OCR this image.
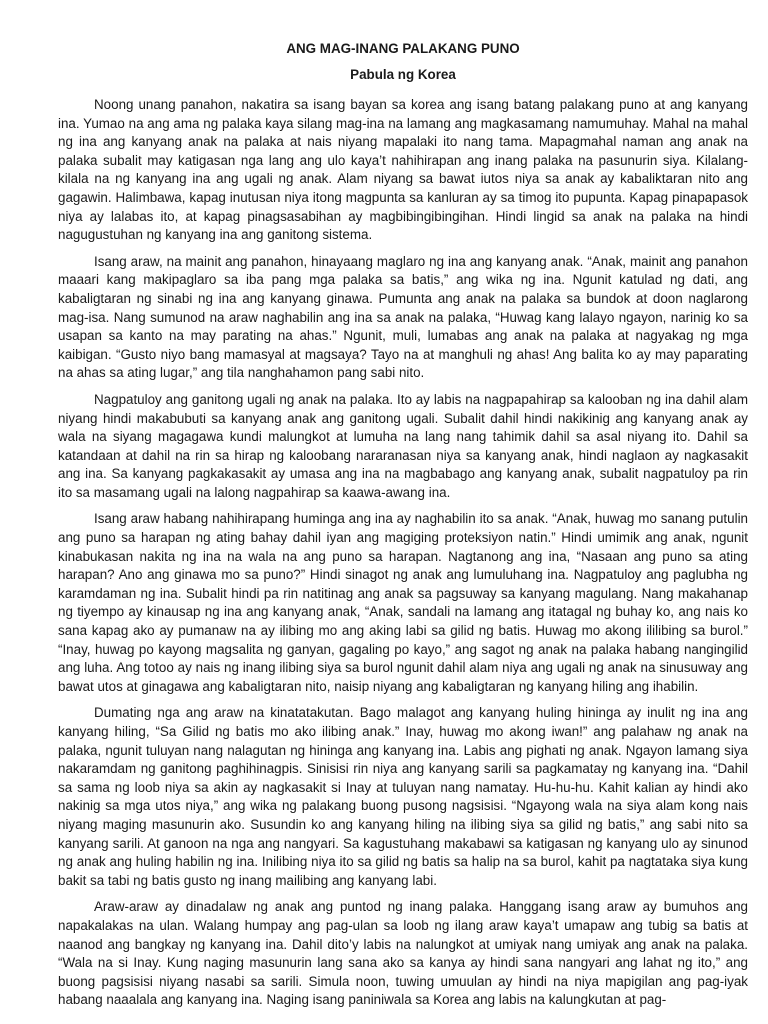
ANG MAG-INANG PALAKANG PUNO
Pabula ng Korea

Noong unang panahon, nakatira sa isang bayan sa korea ang isang batang palakang puno at ang kanyang ina. Yumao na ang ama ng palaka kaya silang mag-ina na lamang ang magkasamang namumuhay. Mahal na mahal ng ina ang kanyang anak na palaka at nais niyang mapalaki ito nang tama. Mapagmahal naman ang anak na palaka subalit may katigasan nga lang ang ulo kaya’t nahihirapan ang inang palaka na pasunurin siya. Kilalang-kilala na ng kanyang ina ang ugali ng anak. Alam niyang sa bawat iutos niya sa anak ay kabaliktaran nito ang gagawin. Halimbawa, kapag inutusan niya itong magpunta sa kanluran ay sa timog ito pupunta. Kapag pinapapasok niya ay lalabas ito, at kapag pinagsasabihan ay magbibingibingihan. Hindi lingid sa anak na palaka na hindi nagugustuhan ng kanyang ina ang ganitong sistema.

Isang araw, na mainit ang panahon, hinayaang maglaro ng ina ang kanyang anak. “Anak, mainit ang panahon maaari kang makipaglaro sa iba pang mga palaka sa batis,” ang wika ng ina. Ngunit katulad ng dati, ang kabaligtaran ng sinabi ng ina ang kanyang ginawa. Pumunta ang anak na palaka sa bundok at doon naglarong mag-isa. Nang sumunod na araw naghabilin ang ina sa anak na palaka, “Huwag kang lalayo ngayon, narinig ko sa usapan sa kanto na may parating na ahas.” Ngunit, muli, lumabas ang anak na palaka at nagyakag ng mga kaibigan. “Gusto niyo bang mamasyal at magsaya? Tayo na at manghuli ng ahas! Ang balita ko ay may paparating na ahas sa ating lugar,” ang tila nanghahamon pang sabi nito.

Nagpatuloy ang ganitong ugali ng anak na palaka. Ito ay labis na nagpapahirap sa kalooban ng ina dahil alam niyang hindi makabubuti sa kanyang anak ang ganitong ugali. Subalit dahil hindi nakikinig ang kanyang anak ay wala na siyang magagawa kundi malungkot at lumuha na lang nang tahimik dahil sa asal niyang ito. Dahil sa katandaan at dahil na rin sa hirap ng kaloobang nararanasan niya sa kanyang anak, hindi naglaon ay nagkasakit ang ina. Sa kanyang pagkakasakit ay umasa ang ina na magbabago ang kanyang anak, subalit nagpatuloy pa rin ito sa masamang ugali na lalong nagpahirap sa kaawa-awang ina.

Isang araw habang nahihirapang huminga ang ina ay naghabilin ito sa anak. “Anak, huwag mo sanang putulin ang puno sa harapan ng ating bahay dahil iyan ang magiging proteksiyon natin.” Hindi umimik ang anak, ngunit kinabukasan nakita ng ina na wala na ang puno sa harapan. Nagtanong ang ina, “Nasaan ang puno sa ating harapan? Ano ang ginawa mo sa puno?” Hindi sinagot ng anak ang lumuluhang ina. Nagpatuloy ang paglubha ng karamdaman ng ina. Subalit hindi pa rin natitinag ang anak sa pagsuway sa kanyang magulang. Nang makahanap ng tiyempo ay kinausap ng ina ang kanyang anak, “Anak, sandali na lamang ang itatagal ng buhay ko, ang nais ko sana kapag ako ay pumanaw na ay ilibing mo ang aking labi sa gilid ng batis. Huwag mo akong ililibing sa burol.” “Inay, huwag po kayong magsalita ng ganyan, gagaling po kayo,” ang sagot ng anak na palaka habang nangingilid ang luha. Ang totoo ay nais ng inang ilibing siya sa burol ngunit dahil alam niya ang ugali ng anak na sinusuway ang bawat utos at ginagawa ang kabaligtaran nito, naisip niyang ang kabaligtaran ng kanyang hiling ang ihabilin.

Dumating nga ang araw na kinatatakutan. Bago malagot ang kanyang huling hininga ay inulit ng ina ang kanyang hiling, “Sa Gilid ng batis mo ako ilibing anak.” Inay, huwag mo akong iwan!” ang palahaw ng anak na palaka, ngunit tuluyan nang nalagutan ng hininga ang kanyang ina. Labis ang pighati ng anak. Ngayon lamang siya nakaramdam ng ganitong paghihinagpis. Sinisisi rin niya ang kanyang sarili sa pagkamatay ng kanyang ina. “Dahil sa sama ng loob niya sa akin ay nagkasakit si Inay at tuluyan nang namatay. Hu-hu-hu. Kahit kalian ay hindi ako nakinig sa mga utos niya,” ang wika ng palakang buong pusong nagsisisi. “Ngayong wala na siya alam kong nais niyang maging masunurin ako. Susundin ko ang kanyang hiling na ilibing siya sa gilid ng batis,” ang sabi nito sa kanyang sarili. At ganoon na nga ang nangyari. Sa kagustuhang makabawi sa katigasan ng kanyang ulo ay sinunod ng anak ang huling habilin ng ina. Inilibing niya ito sa gilid ng batis sa halip na sa burol, kahit pa nagtataka siya kung bakit sa tabi ng batis gusto ng inang mailibing ang kanyang labi.

Araw-araw ay dinadalaw ng anak ang puntod ng inang palaka. Hanggang isang araw ay bumuhos ang napakalakas na ulan. Walang humpay ang pag-ulan sa loob ng ilang araw kaya’t umapaw ang tubig sa batis at naanod ang bangkay ng kanyang ina. Dahil dito’y labis na nalungkot at umiyak nang umiyak ang anak na palaka. “Wala na si Inay. Kung naging masunurin lang sana ako sa kanya ay hindi sana nangyari ang lahat ng ito,” ang buong pagsisisi niyang nasabi sa sarili. Simula noon, tuwing umuulan ay hindi na niya mapigilan ang pag-iyak habang naaalala ang kanyang ina. Naging isang paniniwala sa Korea ang labis na kalungkutan at pag-
